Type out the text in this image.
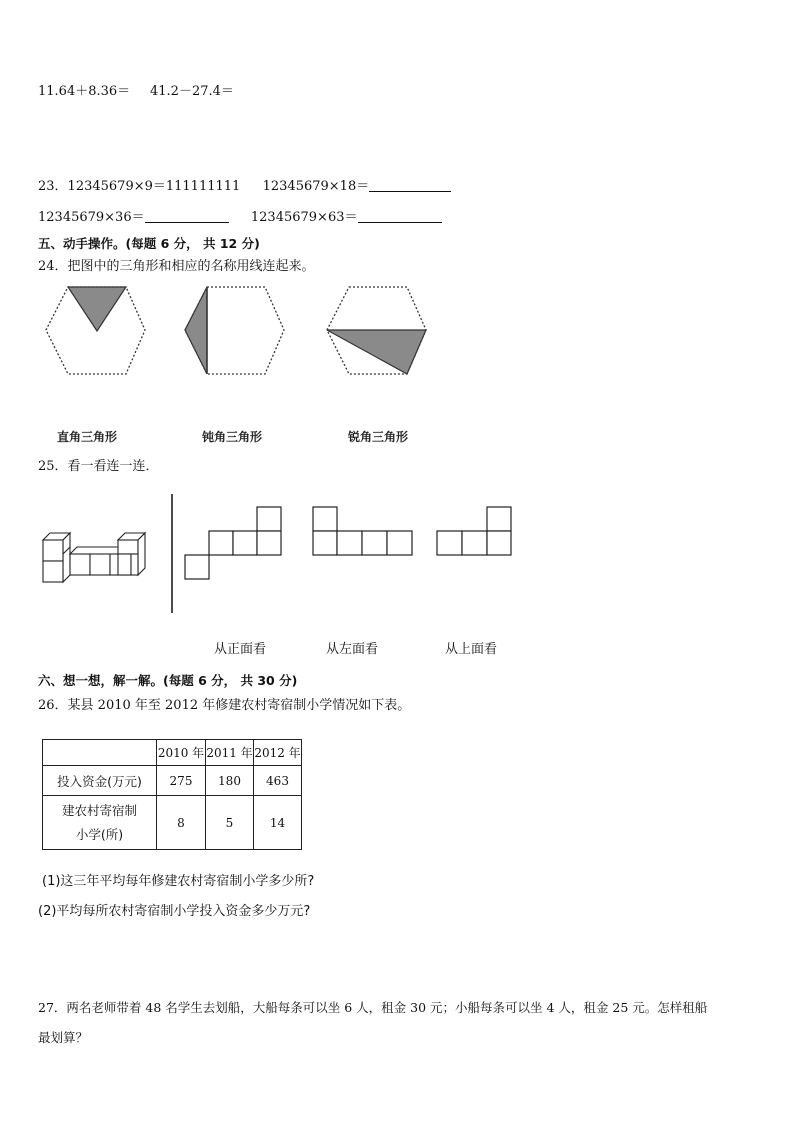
11.64＋8.36＝ 41.2－27.4＝
23．12345679×9＝111111111 12345679×18＝
12345679×36＝	12345679×63＝
五、动手操作。(每题 6 分， 共 12 分)
24．把图中的三角形和相应的名称用线连起来。
直角三角形	钝角三角形	锐角三角形
25．看一看连一连．
从正面看	从左面看	从上面看
六、想一想，解一解。(每题 6 分， 共 30 分)
26．某县 2010 年至 2012 年修建农村寄宿制小学情况如下表。
	2010 年	2011 年	2012 年
投入资金(万元)	275	180	463

建农村寄宿制
小学(所)	8	5	14
(1)这三年平均每年修建农村寄宿制小学多少所?
(2)平均每所农村寄宿制小学投入资金多少万元?
27．两名老师带着 48 名学生去划船，大船每条可以坐 6 人，租金 30 元；小船每条可以坐 4 人，租金 25 元。怎样租船
最划算？
